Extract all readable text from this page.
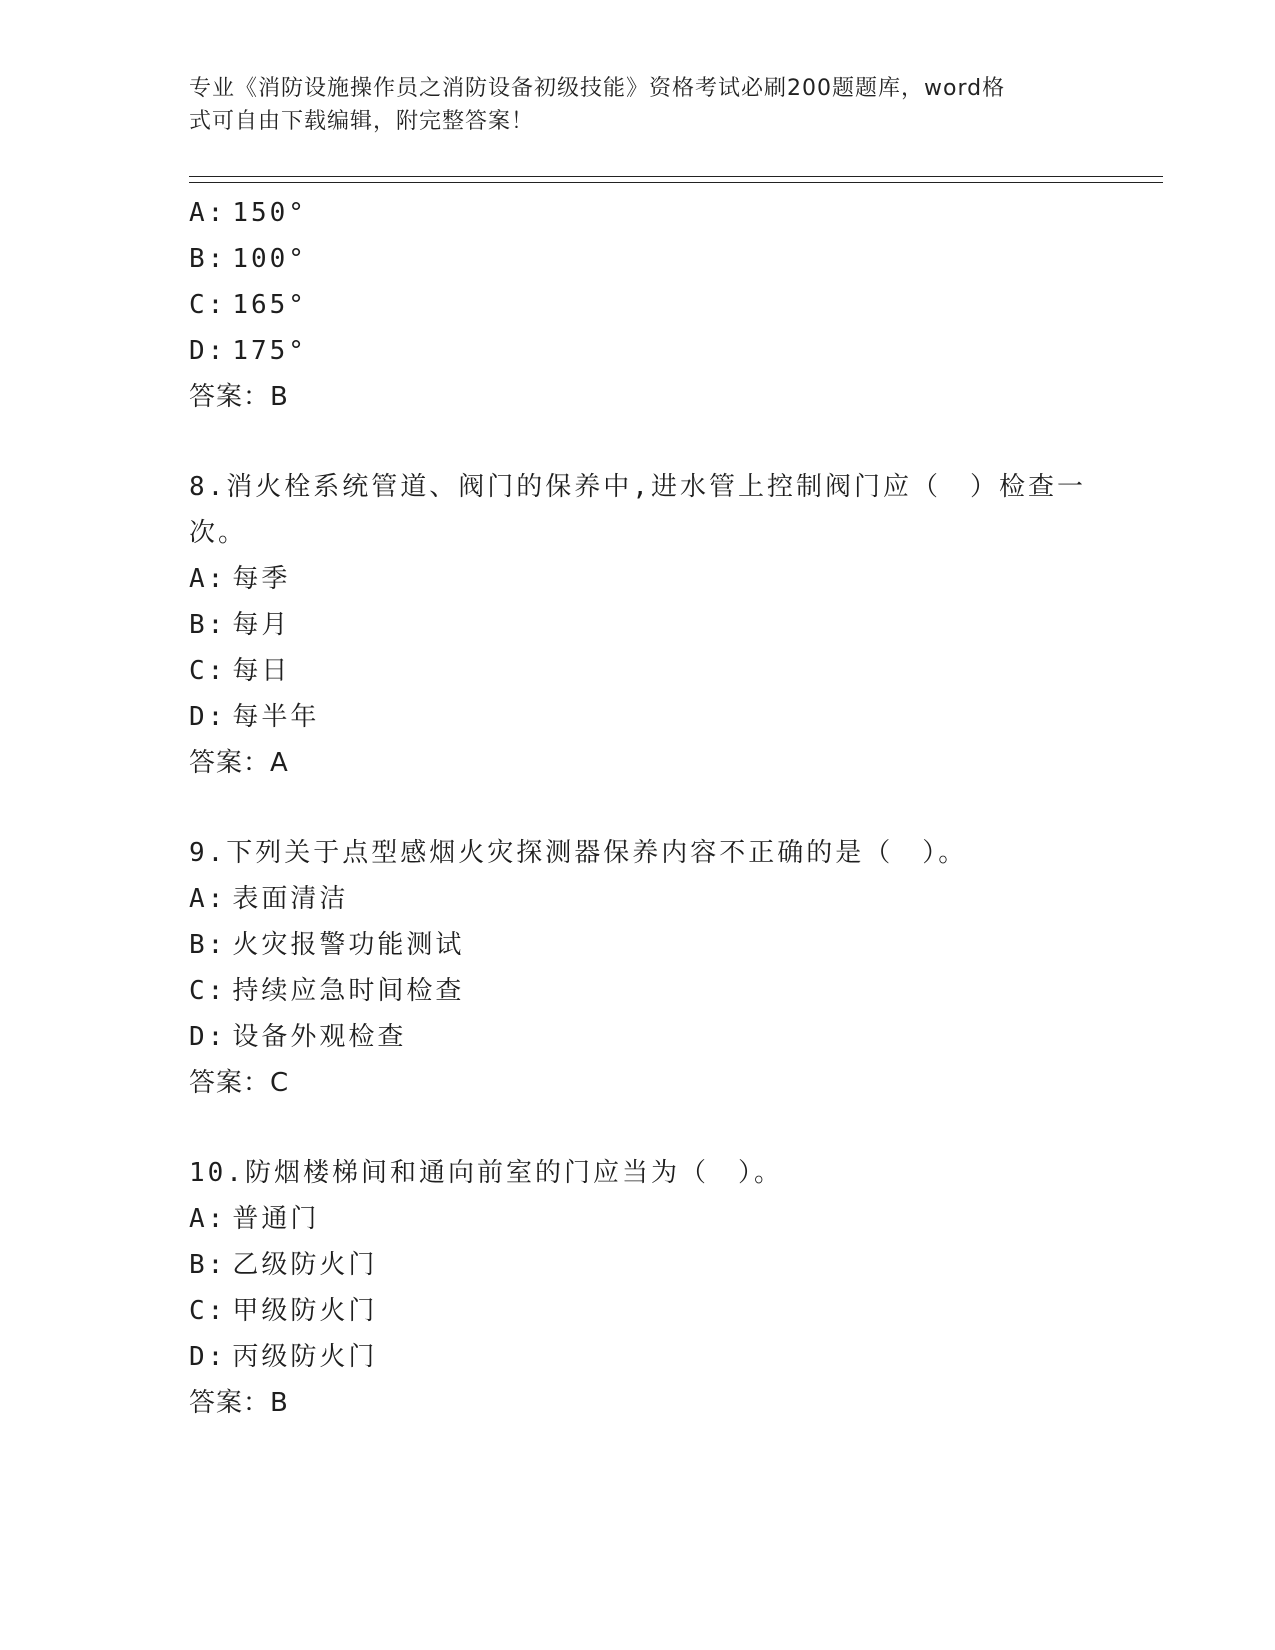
专业《消防设施操作员之消防设备初级技能》资格考试必刷200题题库，word格
式可自由下载编辑，附完整答案！
A: 150°
B: 100°
C: 165°
D: 175°
答案：B
8.消火栓系统管道、阀门的保养中,进水管上控制阀门应（　）检查一
次。
A: 每季
B: 每月
C: 每日
D: 每半年
答案：A
9.下列关于点型感烟火灾探测器保养内容不正确的是（　）。
A: 表面清洁
B: 火灾报警功能测试
C: 持续应急时间检查
D: 设备外观检查
答案：C
10.防烟楼梯间和通向前室的门应当为（　）。
A: 普通门
B: 乙级防火门
C: 甲级防火门
D: 丙级防火门
答案：B
